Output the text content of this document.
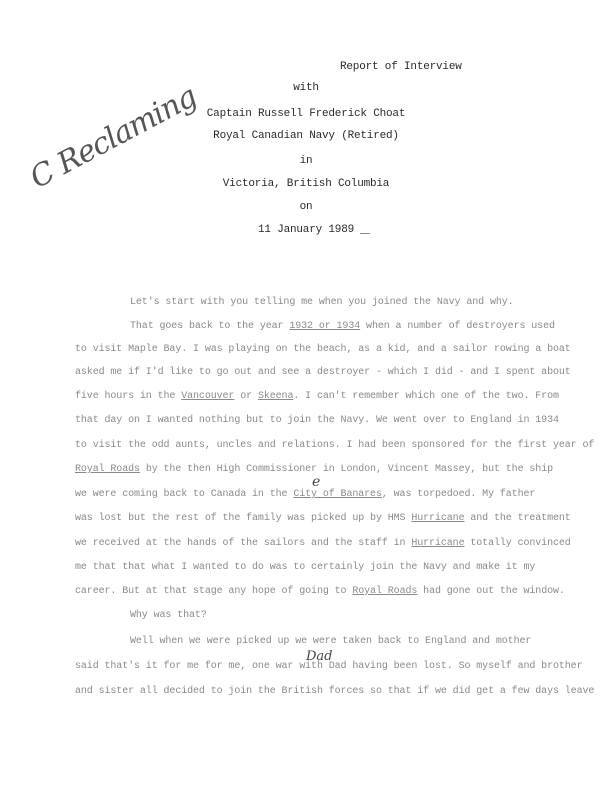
Report of Interview
with
Captain Russell Frederick Choat
Royal Canadian Navy (Retired)
in
Victoria, British Columbia
on
11 January 1989
C Reclaming
Let's start with you telling me when you joined the Navy and why.
That goes back to the year 1932 or 1934 when a number of destroyers used
to visit Maple Bay. I was playing on the beach, as a kid, and a sailor rowing a boat
asked me if I'd like to go out and see a destroyer - which I did - and I spent about
five hours in the Vancouver or Skeena. I can't remember which one of the two. From
that day on I wanted nothing but to join the Navy. We went over to England in 1934
to visit the odd aunts, uncles and relations. I had been sponsored for the first year of
Royal Roads by the then High Commissioner in London, Vincent Massey, but the ship
we were coming back to Canada in the City of Banares, was torpedoed. My father
e
was lost but the rest of the family was picked up by HMS Hurricane and the treatment
we received at the hands of the sailors and the staff in Hurricane totally convinced
me that that what I wanted to do was to certainly join the Navy and make it my
career. But at that stage any hope of going to Royal Roads had gone out the window.
Why was that?
Well when we were picked up we were taken back to England and mother
said that's it for me for me, one war with Dad having been lost. So myself and brother
Dad
and sister all decided to join the British forces so that if we did get a few days leave
